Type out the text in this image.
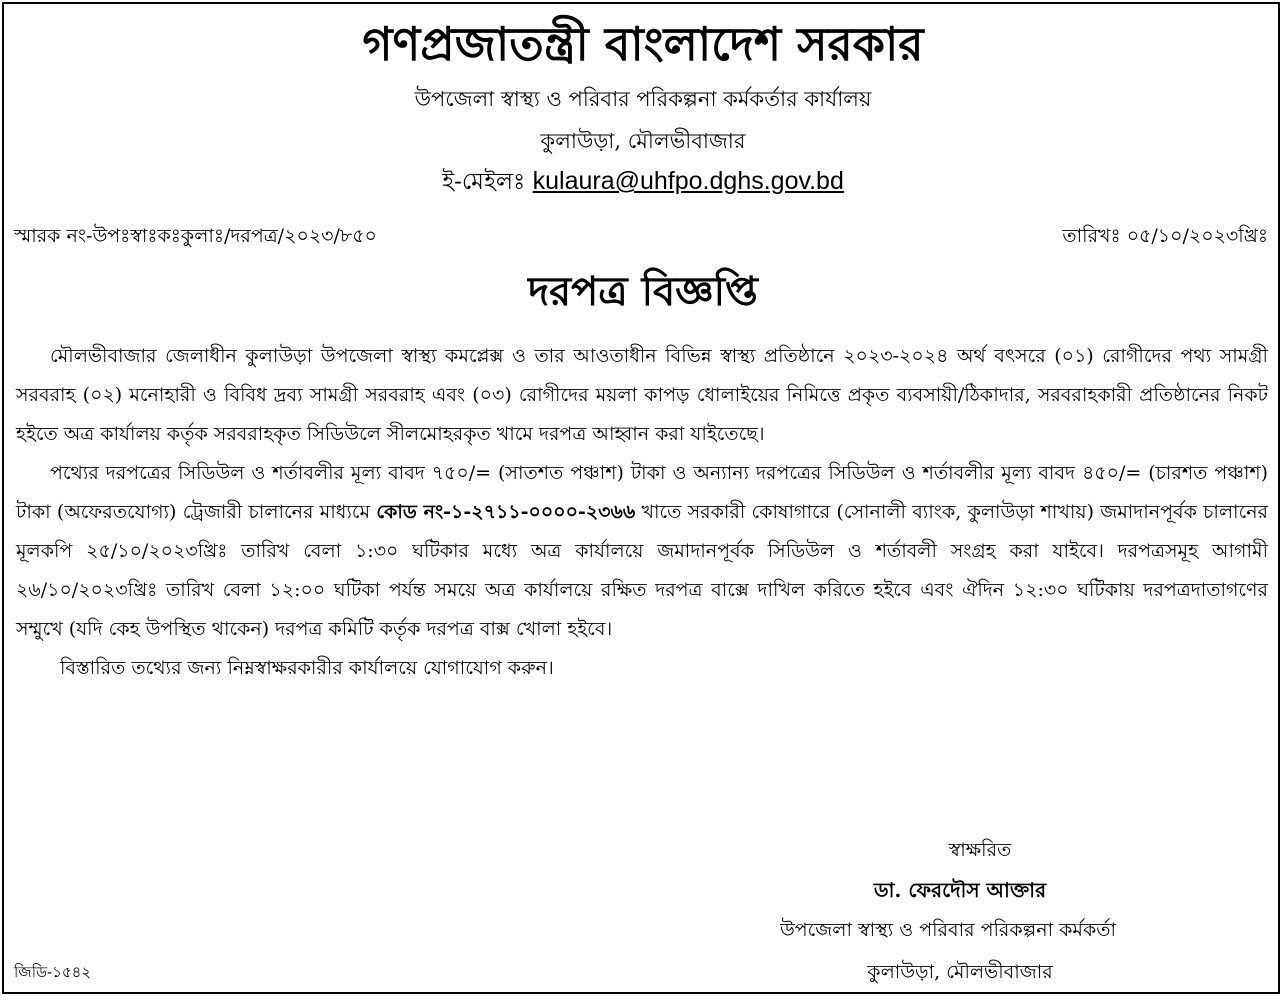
গণপ্রজাতন্ত্রী বাংলাদেশ সরকার
উপজেলা স্বাস্থ্য ও পরিবার পরিকল্পনা কর্মকর্তার কার্যালয়
কুলাউড়া, মৌলভীবাজার
ই-মেইলঃ kulaura@uhfpo.dghs.gov.bd
স্মারক নং-উপঃস্বাঃকঃকুলাঃ/দরপত্র/২০২৩/৮৫০	তারিখঃ ০৫/১০/২০২৩খ্রিঃ
দরপত্র বিজ্ঞপ্তি

মৌলভীবাজার জেলাধীন কুলাউড়া উপজেলা স্বাস্থ্য কমপ্লেক্স ও তার আওতাধীন বিভিন্ন স্বাস্থ্য প্রতিষ্ঠানে ২০২৩-২০২৪ অর্থ বৎসরে (০১) রোগীদের পথ্য সামগ্রী সরবরাহ (০২) মনোহারী ও বিবিধ দ্রব্য সামগ্রী সরবরাহ এবং (০৩) রোগীদের ময়লা কাপড় ধোলাইয়ের নিমিত্তে প্রকৃত ব্যবসায়ী/ঠিকাদার, সরবরাহকারী প্রতিষ্ঠানের নিকট হইতে অত্র কার্যালয় কর্তৃক সরবরাহকৃত সিডিউলে সীলমোহরকৃত খামে দরপত্র আহ্বান করা যাইতেছে।

পথ্যের দরপত্রের সিডিউল ও শর্তাবলীর মূল্য বাবদ ৭৫০/= (সাতশত পঞ্চাশ) টাকা ও অন্যান্য দরপত্রের সিডিউল ও শর্তাবলীর মূল্য বাবদ ৪৫০/= (চারশত পঞ্চাশ) টাকা (অফেরতযোগ্য) ট্রেজারী চালানের মাধ্যমে কোড নং-১-২৭১১-০০০০-২৩৬৬ খাতে সরকারী কোষাগারে (সোনালী ব্যাংক, কুলাউড়া শাখায়) জমাদানপূর্বক চালানের মূলকপি ২৫/১০/২০২৩খ্রিঃ তারিখ বেলা ১:৩০ ঘটিকার মধ্যে অত্র কার্যালয়ে জমাদানপূর্বক সিডিউল ও শর্তাবলী সংগ্রহ করা যাইবে। দরপত্রসমূহ আগামী ২৬/১০/২০২৩খ্রিঃ তারিখ বেলা ১২:০০ ঘটিকা পর্যন্ত সময়ে অত্র কার্যালয়ে রক্ষিত দরপত্র বাক্সে দাখিল করিতে হইবে এবং ঐদিন ১২:৩০ ঘটিকায় দরপত্রদাতাগণের সম্মুখে (যদি কেহ উপস্থিত থাকেন) দরপত্র কমিটি কর্তৃক দরপত্র বাক্স খোলা হইবে।

বিস্তারিত তথ্যের জন্য নিম্নস্বাক্ষরকারীর কার্যালয়ে যোগাযোগ করুন।

স্বাক্ষরিত
ডা. ফেরদৌস আক্তার
উপজেলা স্বাস্থ্য ও পরিবার পরিকল্পনা কর্মকর্তা
কুলাউড়া, মৌলভীবাজার
জিডি-১৫৪২
